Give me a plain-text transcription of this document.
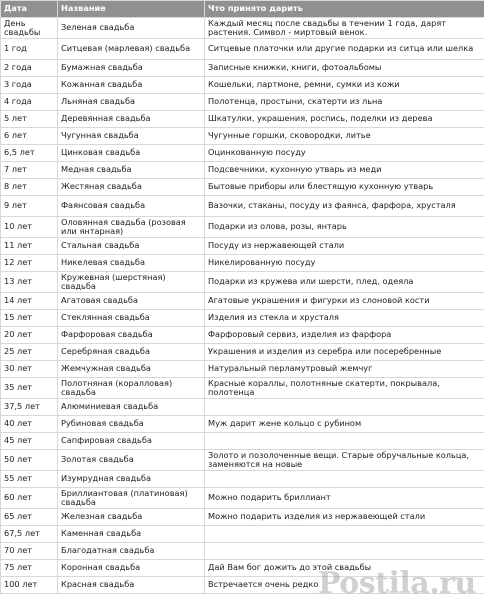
Дата	Название	Что принято дарить
День свадьбы	Зеленая свадьба	Каждый месяц после свадьбы в течении 1 года, дарят растения. Символ - миртовый венок.
1 год	Ситцевая (марлевая) свадьба	Ситцевые платочки или другие подарки из ситца или шелка
2 года	Бумажная свадьба	Записные книжки, книги, фотоальбомы
3 года	Кожанная свадьба	Кошельки, партмоне, ремни, сумки из кожи
4 года	Льняная свадьба	Полотенца, простыни, скатерти из льна
5 лет	Деревянная свадьба	Шкатулки, украшения, роспись, поделки из дерева
6 лет	Чугунная свадьба	Чугунные горшки, сковородки, литье
6,5 лет	Цинковая свадьба	Оцинкованную посуду
7 лет	Медная свадьба	Подсвечники, кухонную утварь из меди
8 лет	Жестяная свадьба	Бытовые приборы или блестящую кухонную утварь
9 лет	Фаянсовая свадьба	Вазочки, стаканы, посуду из фаянса, фарфора, хрусталя
10 лет	Оловянная свадьба (розовая или янтарная)	Подарки из олова, розы, янтарь
11 лет	Стальная свадьба	Посуду из нержавеющей стали
12 лет	Никелевая свадьба	Никелированную посуду
13 лет	Кружевная (шерстяная) свадьба	Подарки из кружева или шерсти, плед, одеяла
14 лет	Агатовая свадьба	Агатовые украшения и фигурки из слоновой кости
15 лет	Стеклянная свадьба	Изделия из стекла и хрусталя
20 лет	Фарфоровая свадьба	Фарфоровый сервиз, изделия из фарфора
25 лет	Серебряная свадьба	Украшения и изделия из серебра или посеребренные
30 лет	Жемчужная свадьба	Натуральный перламутровый жемчуг
35 лет	Полотняная (коралловая) свадьба	Красные кораллы, полотняные скатерти, покрывала, полотенца
37,5 лет	Алюминиевая свадьба	
40 лет	Рубиновая свадьба	Муж дарит жене кольцо с рубином
45 лет	Сапфировая свадьба	
50 лет	Золотая свадьба	Золото и позолоченные вещи. Старые обручальные кольца, заменяются на новые
55 лет	Изумрудная свадьба	
60 лет	Бриллиантовая (платиновая) свадьба	Можно подарить бриллиант
65 лет	Железная свадьба	Можно подарить изделия из нержавеющей стали
67,5 лет	Каменная свадьба	
70 лет	Благодатная свадьба	
75 лет	Коронная свадьба	Дай Вам бог дожить до этой свадьбы
100 лет	Красная свадьба	Встречается очень редко Postila.ru
